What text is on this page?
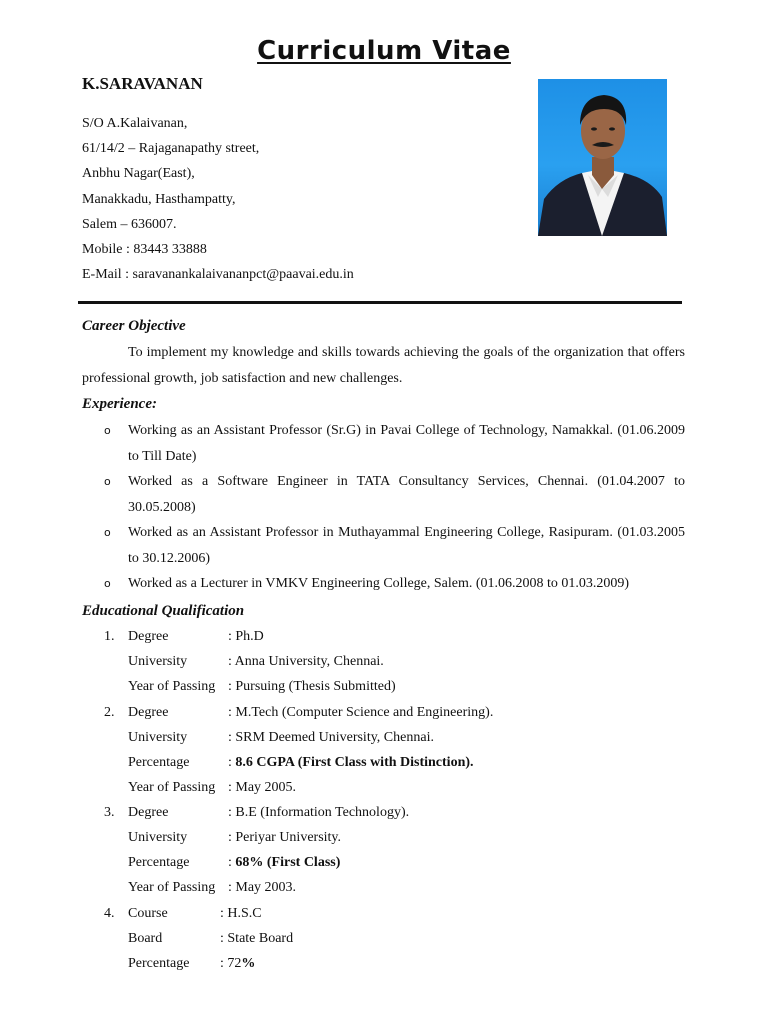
Curriculum Vitae
K.SARAVANAN
S/O A.Kalaivanan,
61/14/2 – Rajaganapathy street,
Anbhu Nagar(East),
Manakkadu, Hasthampatty,
Salem – 636007.
Mobile : 83443 33888
E-Mail : saravanankalaivananpct@paavai.edu.in
Career Objective
To implement my knowledge and skills towards achieving the goals of the organization that offers professional growth, job satisfaction and new challenges.
Experience:
o Working as an Assistant Professor (Sr.G) in Pavai College of Technology, Namakkal. (01.06.2009 to Till Date)
o Worked as a Software Engineer in TATA Consultancy Services, Chennai. (01.04.2007 to 30.05.2008)
o Worked as an Assistant Professor in Muthayammal Engineering College, Rasipuram. (01.03.2005 to 30.12.2006)
o Worked as a Lecturer in VMKV Engineering College, Salem. (01.06.2008 to 01.03.2009)
Educational Qualification
1. Degree	: Ph.D
University	: Anna University, Chennai.
Year of Passing : Pursuing (Thesis Submitted)
2. Degree	: M.Tech (Computer Science and Engineering).
University	: SRM Deemed University, Chennai.
Percentage	: 8.6 CGPA (First Class with Distinction).
Year of Passing : May 2005.
3. Degree	: B.E (Information Technology).
University	: Periyar University.
Percentage	: 68% (First Class)
Year of Passing : May 2003.
4. Course	: H.S.C
Board	: State Board
Percentage : 72%
